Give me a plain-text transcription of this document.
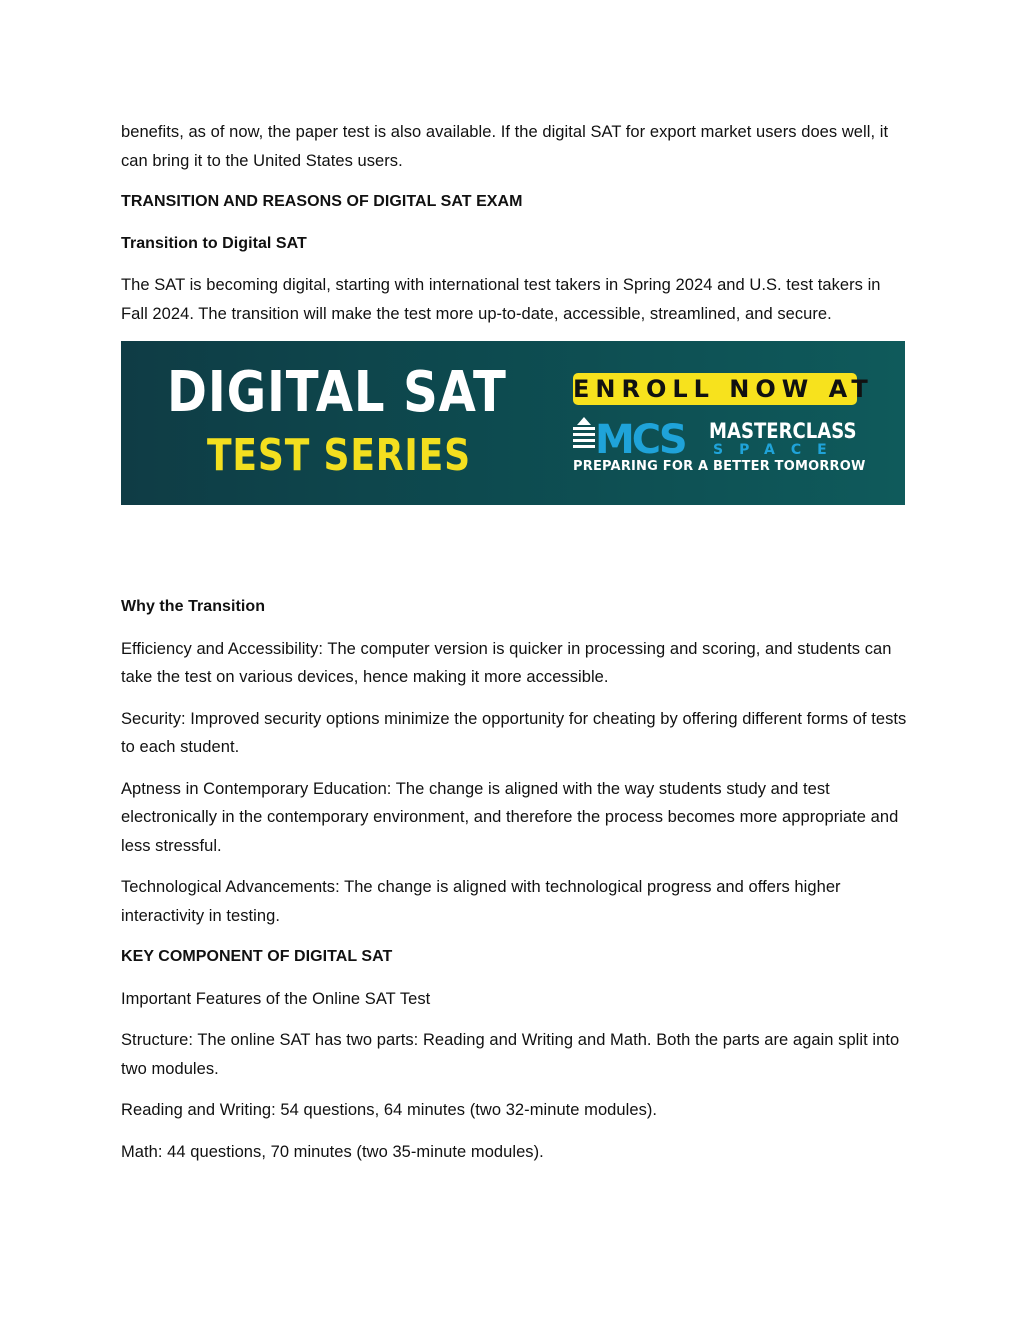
benefits, as of now, the paper test is also available. If the digital SAT for export market users does well, it can bring it to the United States users.

TRANSITION AND REASONS OF DIGITAL SAT EXAM

Transition to Digital SAT

The SAT is becoming digital, starting with international test takers in Spring 2024 and U.S. test takers in Fall 2024. The transition will make the test more up-to-date, accessible, streamlined, and secure.

DIGITAL SAT
TEST SERIES
ENROLL NOW AT
MCS MASTERCLASS
SPACE
PREPARING FOR A BETTER TOMORROW

Why the Transition

Efficiency and Accessibility: The computer version is quicker in processing and scoring, and students can take the test on various devices, hence making it more accessible.

Security: Improved security options minimize the opportunity for cheating by offering different forms of tests to each student.

Aptness in Contemporary Education: The change is aligned with the way students study and test electronically in the contemporary environment, and therefore the process becomes more appropriate and less stressful.

Technological Advancements: The change is aligned with technological progress and offers higher interactivity in testing.

KEY COMPONENT OF DIGITAL SAT

Important Features of the Online SAT Test

Structure: The online SAT has two parts: Reading and Writing and Math. Both the parts are again split into two modules.

Reading and Writing: 54 questions, 64 minutes (two 32-minute modules).

Math: 44 questions, 70 minutes (two 35-minute modules).
